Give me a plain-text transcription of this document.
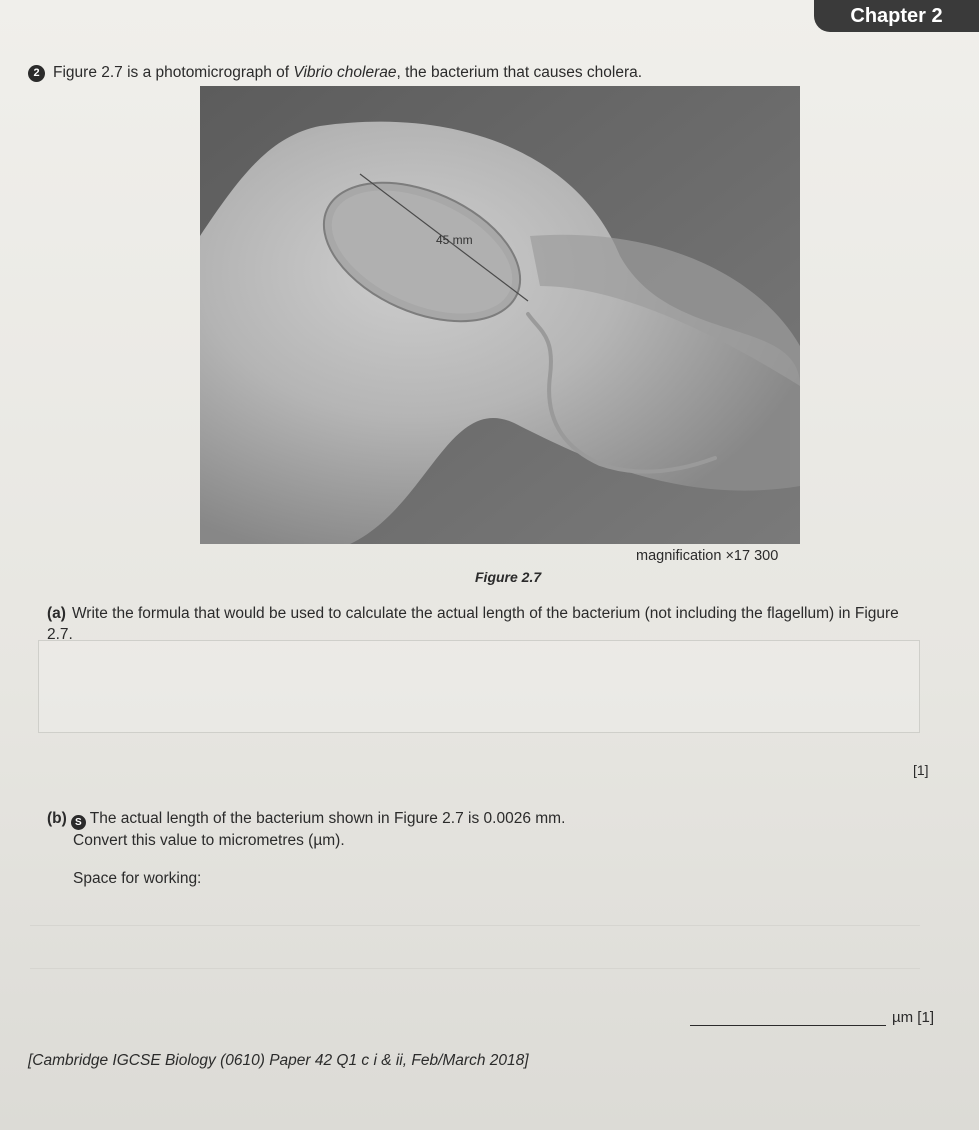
Chapter 2
2 Figure 2.7 is a photomicrograph of Vibrio cholerae, the bacterium that causes cholera.
45 mm
magnification ×17 300
Figure 2.7
(a) Write the formula that would be used to calculate the actual length of the bacterium (not including the flagellum) in Figure 2.7.
[1]
(b) S The actual length of the bacterium shown in Figure 2.7 is 0.0026 mm.
Convert this value to micrometres (µm).
Space for working:
µm [1]
[Cambridge IGCSE Biology (0610) Paper 42 Q1 c i & ii, Feb/March 2018]
